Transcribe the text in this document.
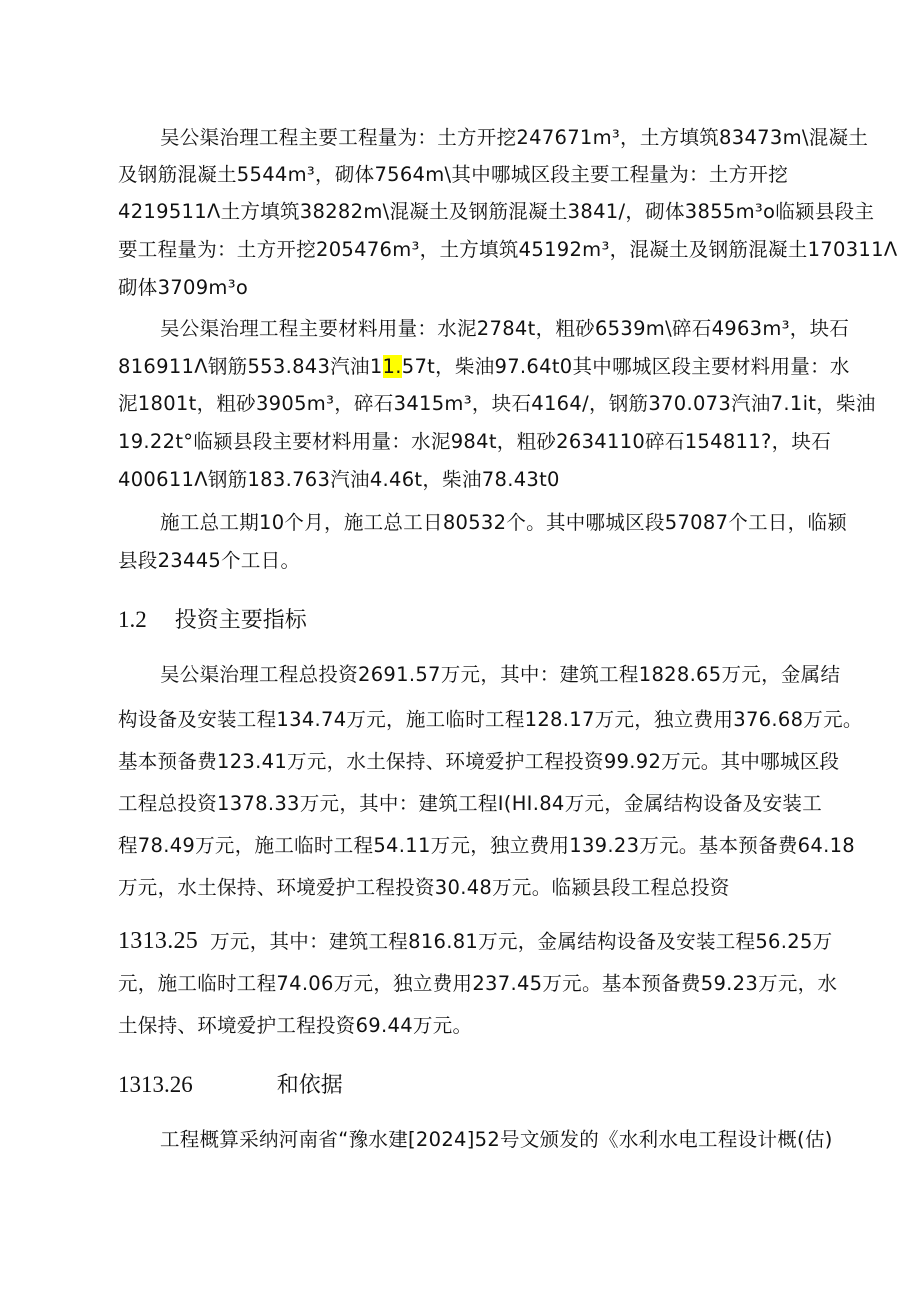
吴公渠治理工程主要工程量为：土方开挖247671m³，土方填筑83473m\混凝土
及钢筋混凝土5544m³，砌体7564m\其中哪城区段主要工程量为：土方开挖
4219511Λ土方填筑38282m\混凝土及钢筋混凝土3841/，砌体3855m³o临颍县段主
要工程量为：土方开挖205476m³，土方填筑45192m³，混凝土及钢筋混凝土170311Λ
砌体3709m³o
吴公渠治理工程主要材料用量：水泥2784t，粗砂6539m\碎石4963m³，块石
816911Λ钢筋553.843汽油11.57t，柴油97.64t0其中哪城区段主要材料用量：水
泥1801t，粗砂3905m³，碎石3415m³，块石4164/，钢筋370.073汽油7.1it，柴油
19.22t°临颍县段主要材料用量：水泥984t，粗砂2634110碎石154811?，块石
400611Λ钢筋183.763汽油4.46t，柴油78.43t0
施工总工期10个月，施工总工日80532个。其中哪城区段57087个工日，临颍
县段23445个工日。
1.2 投资主要指标
吴公渠治理工程总投资2691.57万元，其中：建筑工程1828.65万元，金属结
构设备及安装工程134.74万元，施工临时工程128.17万元，独立费用376.68万元。
基本预备费123.41万元，水土保持、环境爱护工程投资99.92万元。其中哪城区段
工程总投资1378.33万元，其中：建筑工程I(HI.84万元，金属结构设备及安装工
程78.49万元，施工临时工程54.11万元，独立费用139.23万元。基本预备费64.18
万元，水土保持、环境爱护工程投资30.48万元。临颍县段工程总投资
1313.25 万元，其中：建筑工程816.81万元，金属结构设备及安装工程56.25万
元，施工临时工程74.06万元，独立费用237.45万元。基本预备费59.23万元，水
土保持、环境爱护工程投资69.44万元。
1313.26	和依据
工程概算采纳河南省“豫水建[2024]52号文颁发的《水利水电工程设计概(估)
